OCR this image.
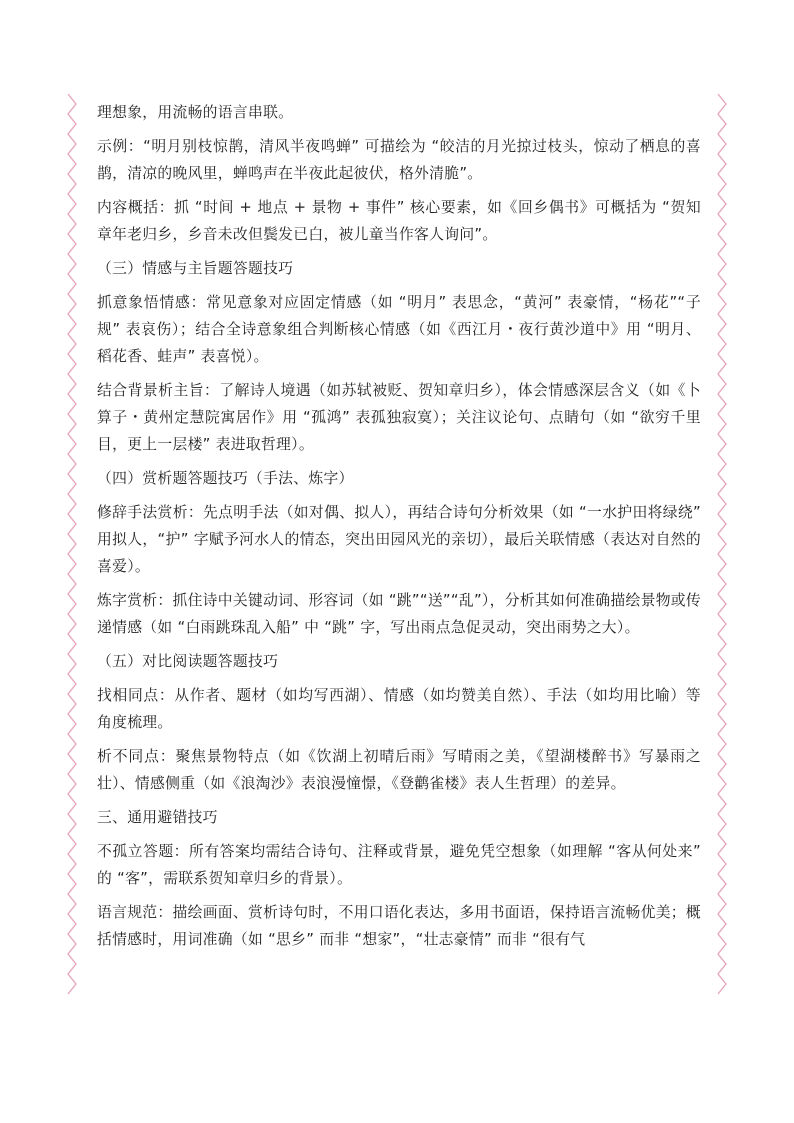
理想象，用流畅的语言串联。

示例：“明月别枝惊鹊，清风半夜鸣蝉” 可描绘为 “皎洁的月光掠过枝头，惊动了栖息的喜鹊，清凉的晚风里，蝉鸣声在半夜此起彼伏，格外清脆”。

内容概括：抓 “时间 + 地点 + 景物 + 事件” 核心要素，如《回乡偶书》可概括为 “贺知章年老归乡，乡音未改但鬓发已白，被儿童当作客人询问”。

（三）情感与主旨题答题技巧

抓意象悟情感：常见意象对应固定情感（如 “明月” 表思念，“黄河” 表豪情，“杨花”“子规” 表哀伤）；结合全诗意象组合判断核心情感（如《西江月・夜行黄沙道中》用 “明月、稻花香、蛙声” 表喜悦）。

结合背景析主旨：了解诗人境遇（如苏轼被贬、贺知章归乡），体会情感深层含义（如《卜算子・黄州定慧院寓居作》用 “孤鸿” 表孤独寂寞）；关注议论句、点睛句（如 “欲穷千里目，更上一层楼” 表进取哲理）。

（四）赏析题答题技巧（手法、炼字）

修辞手法赏析：先点明手法（如对偶、拟人），再结合诗句分析效果（如 “一水护田将绿绕” 用拟人，“护” 字赋予河水人的情态，突出田园风光的亲切），最后关联情感（表达对自然的喜爱）。

炼字赏析：抓住诗中关键动词、形容词（如 “跳”“送”“乱”），分析其如何准确描绘景物或传递情感（如 “白雨跳珠乱入船” 中 “跳” 字，写出雨点急促灵动，突出雨势之大）。

（五）对比阅读题答题技巧

找相同点：从作者、题材（如均写西湖）、情感（如均赞美自然）、手法（如均用比喻）等角度梳理。

析不同点：聚焦景物特点（如《饮湖上初晴后雨》写晴雨之美，《望湖楼醉书》写暴雨之壮）、情感侧重（如《浪淘沙》表浪漫憧憬，《登鹳雀楼》表人生哲理）的差异。

三、通用避错技巧

不孤立答题：所有答案均需结合诗句、注释或背景，避免凭空想象（如理解 “客从何处来” 的 “客”，需联系贺知章归乡的背景）。

语言规范：描绘画面、赏析诗句时，不用口语化表达，多用书面语，保持语言流畅优美；概括情感时，用词准确（如 “思乡” 而非 “想家”，“壮志豪情” 而非 “很有气
